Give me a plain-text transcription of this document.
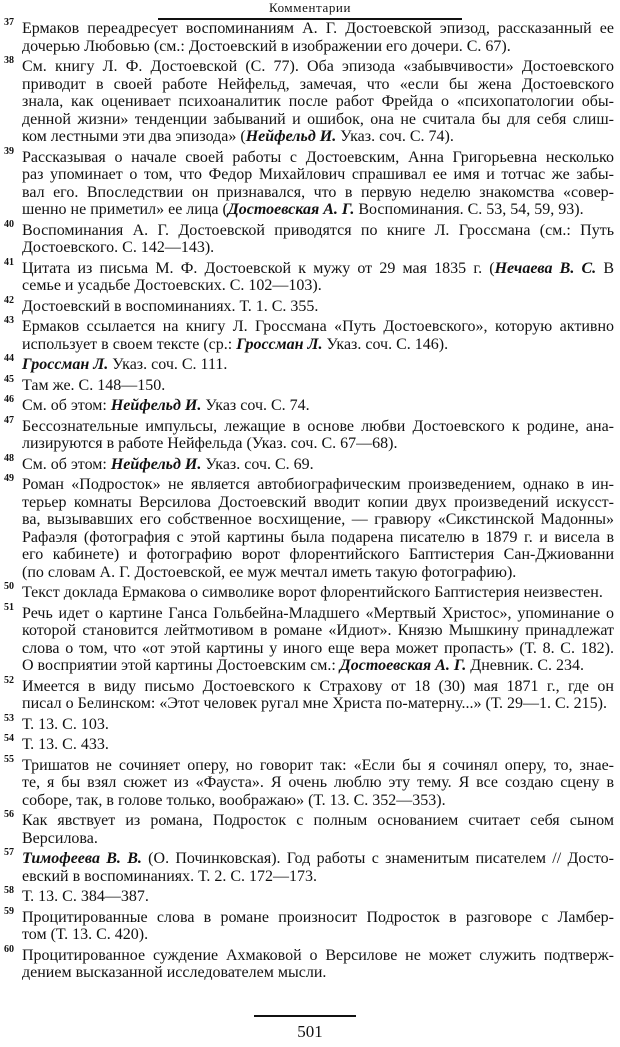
Комментарии
37 Ермаков переадресует воспоминаниям А. Г. Достоевской эпизод, рассказанный ее
дочерью Любовью (см.: Достоевский в изображении его дочери. С. 67).
38 См. книгу Л. Ф. Достоевской (С. 77). Оба эпизода «забывчивости» Достоевского
приводит в своей работе Нейфельд, замечая, что «если бы жена Достоевского
знала, как оценивает психоаналитик после работ Фрейда о «психопатологии обы-
денной жизни» тенденции забываний и ошибок, она не считала бы для себя слиш-
ком лестными эти два эпизода» (Нейфельд И. Указ. соч. С. 74).
39 Рассказывая о начале своей работы с Достоевским, Анна Григорьевна несколько
раз упоминает о том, что Федор Михайлович спрашивал ее имя и тотчас же забы-
вал его. Впоследствии он признавался, что в первую неделю знакомства «совер-
шенно не приметил» ее лица (Достоевская А. Г. Воспоминания. С. 53, 54, 59, 93).
40 Воспоминания А. Г. Достоевской приводятся по книге Л. Гроссмана (см.: Путь
Достоевского. С. 142—143).
41 Цитата из письма М. Ф. Достоевской к мужу от 29 мая 1835 г. (Нечаева В. С. В
семье и усадьбе Достоевских. С. 102—103).
42 Достоевский в воспоминаниях. Т. 1. С. 355.
43 Ермаков ссылается на книгу Л. Гроссмана «Путь Достоевского», которую активно
использует в своем тексте (ср.: Гроссман Л. Указ. соч. С. 146).
44 Гроссман Л. Указ. соч. С. 111.
45 Там же. С. 148—150.
46 См. об этом: Нейфельд И. Указ соч. С. 74.
47 Бессознательные импульсы, лежащие в основе любви Достоевского к родине, ана-
лизируются в работе Нейфельда (Указ. соч. С. 67—68).
48 См. об этом: Нейфельд И. Указ. соч. С. 69.
49 Роман «Подросток» не является автобиографическим произведением, однако в ин-
терьер комнаты Версилова Достоевский вводит копии двух произведений искусст-
ва, вызывавших его собственное восхищение, — гравюру «Сикстинской Мадонны»
Рафаэля (фотография с этой картины была подарена писателю в 1879 г. и висела в
его кабинете) и фотографию ворот флорентийского Баптистерия Сан-Джиованни
(по словам А. Г. Достоевской, ее муж мечтал иметь такую фотографию).
50 Текст доклада Ермакова о символике ворот флорентийского Баптистерия неизвестен.
51 Речь идет о картине Ганса Гольбейна-Младшего «Мертвый Христос», упоминание о
которой становится лейтмотивом в романе «Идиот». Князю Мышкину принадлежат
слова о том, что «от этой картины у иного еще вера может пропасть» (Т. 8. С. 182).
О восприятии этой картины Достоевским см.: Достоевская А. Г. Дневник. С. 234.
52 Имеется в виду письмо Достоевского к Страхову от 18 (30) мая 1871 г., где он
писал о Белинском: «Этот человек ругал мне Христа по-матерну...» (Т. 29—1. С. 215).
53 Т. 13. С. 103.
54 Т. 13. С. 433.
55 Тришатов не сочиняет оперу, но говорит так: «Если бы я сочинял оперу, то, знае-
те, я бы взял сюжет из «Фауста». Я очень люблю эту тему. Я все создаю сцену в
соборе, так, в голове только, воображаю» (Т. 13. С. 352—353).
56 Как явствует из романа, Подросток с полным основанием считает себя сыном
Версилова.
57 Тимофеева В. В. (О. Починковская). Год работы с знаменитым писателем // Досто-
евский в воспоминаниях. Т. 2. С. 172—173.
58 Т. 13. С. 384—387.
59 Процитированные слова в романе произносит Подросток в разговоре с Ламбер-
том (Т. 13. С. 420).
60 Процитированное суждение Ахмаковой о Версилове не может служить подтверж-
дением высказанной исследователем мысли.
501
